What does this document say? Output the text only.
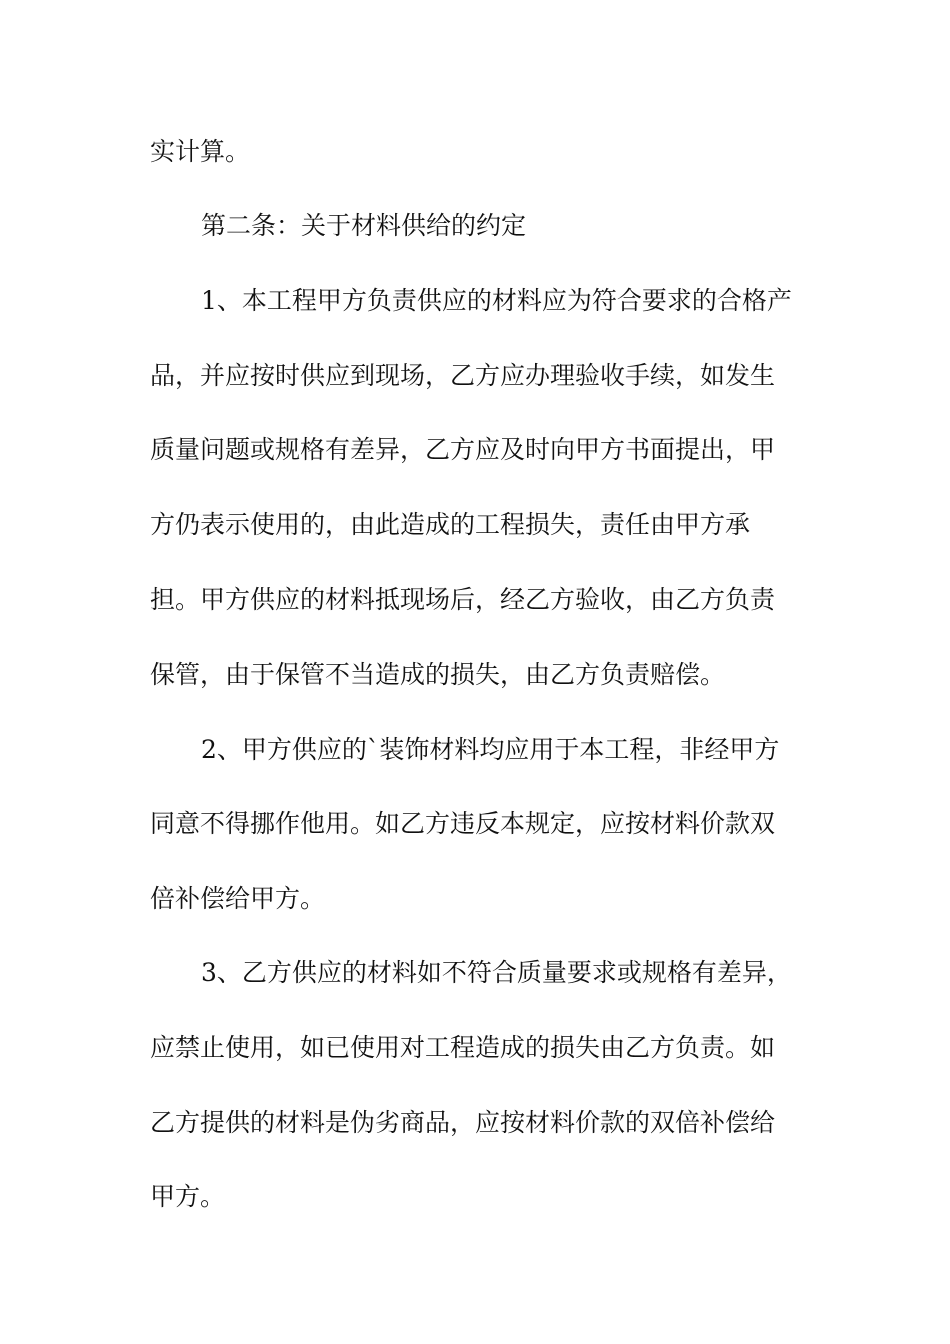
实计算。

第二条：关于材料供给的约定

1、本工程甲方负责供应的材料应为符合要求的合格产

品，并应按时供应到现场，乙方应办理验收手续，如发生

质量问题或规格有差异，乙方应及时向甲方书面提出，甲

方仍表示使用的，由此造成的工程损失，责任由甲方承

担。甲方供应的材料抵现场后，经乙方验收，由乙方负责

保管，由于保管不当造成的损失，由乙方负责赔偿。

2、甲方供应的`装饰材料均应用于本工程，非经甲方

同意不得挪作他用。如乙方违反本规定，应按材料价款双

倍补偿给甲方。

3、乙方供应的材料如不符合质量要求或规格有差异，

应禁止使用，如已使用对工程造成的损失由乙方负责。如

乙方提供的材料是伪劣商品，应按材料价款的双倍补偿给

甲方。
